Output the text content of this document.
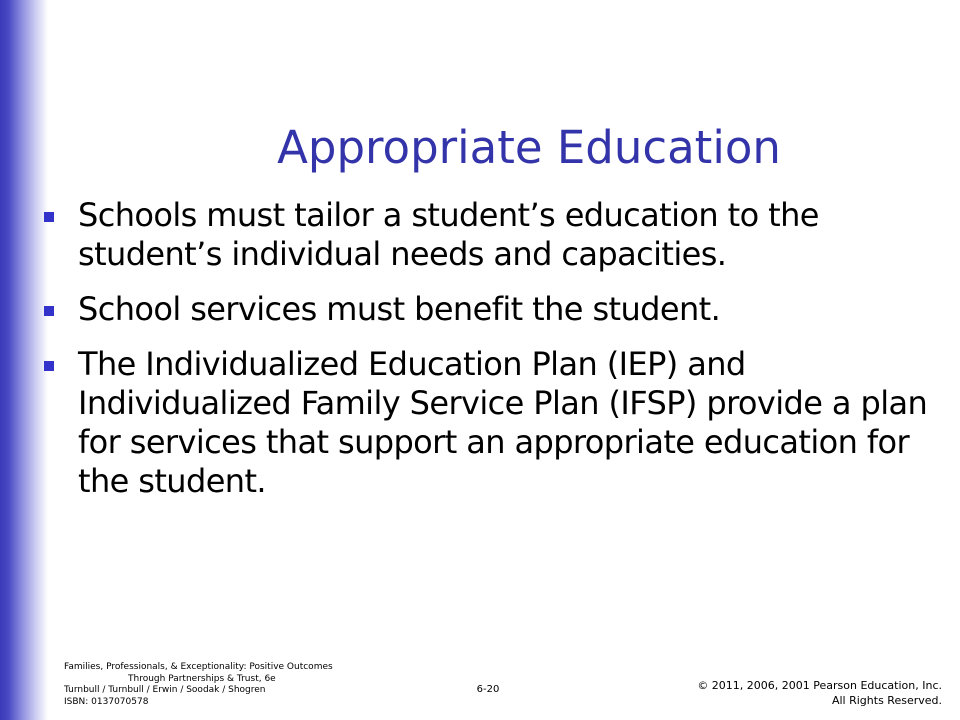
Appropriate Education
Schools must tailor a student’s education to the student’s individual needs and capacities.
School services must benefit the student.
The Individualized Education Plan (IEP) and Individualized Family Service Plan (IFSP) provide a plan for services that support an appropriate education for the student.
Families, Professionals, & Exceptionality: Positive Outcomes
Through Partnerships & Trust, 6e
Turnbull / Turnbull / Erwin / Soodak / Shogren
ISBN: 0137070578
6-20	© 2011, 2006, 2001 Pearson Education, Inc.
All Rights Reserved.
